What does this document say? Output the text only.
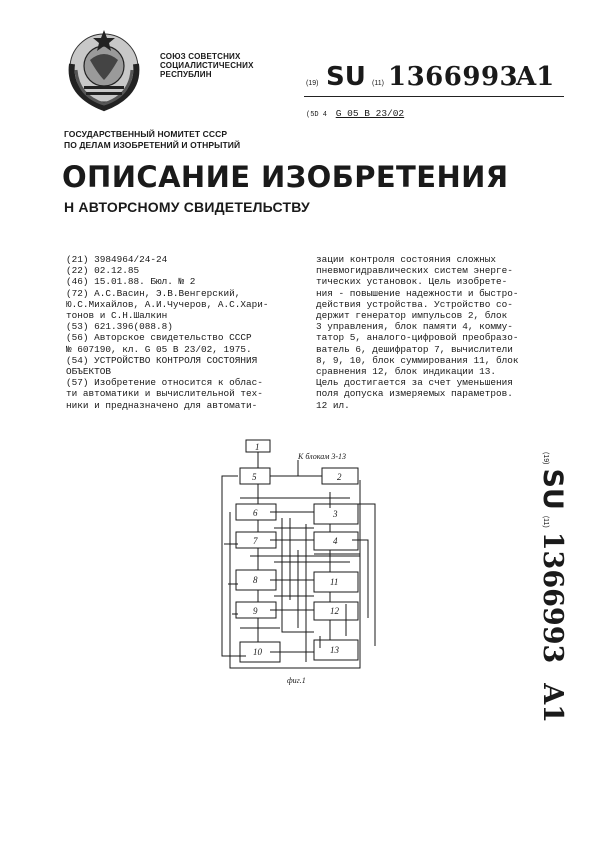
СОЮЗ СОВЕТСНИХ
СОЦИАЛИСТИЧЕСНИХ
РЕСПУБЛИН
(19) SU (11) 1366993
A1
(5D 4 G 05 B 23/02
ГОСУДАРСТВЕННЫЙ НОМИТЕТ СССР
ПО ДЕЛАМ ИЗОБРЕТЕНИЙ И ОТНРЫТИЙ
ОПИСАНИЕ ИЗОБРЕТЕНИЯ
Н АВТОРСНОМУ СВИДЕТЕЛЬСТВУ
(21) 3984964/24-24
(22) 02.12.85
(46) 15.01.88. Бюл. № 2
(72) А.С.Васин, Э.В.Венгерский,
Ю.С.Михайлов, А.И.Чучеров, А.С.Хари-
тонов и С.Н.Шалкин
(53) 621.396(088.8)
(56) Авторское свидетельство СССР
№ 607190, кл. G 05 B 23/02, 1975.
(54) УСТРОЙСТВО КОНТРОЛЯ СОСТОЯНИЯ
ОБЪЕКТОВ
(57) Изобретение относится к облас-
ти автоматики и вычислительной тех-
ники и предназначено для автомати-
зации контроля состояния сложных
пневмогидравлических систем энерге-
тических установок. Цель изобрете-
ния - повышение надежности и быстро-
действия устройства. Устройство со-
держит генератор импульсов 2, блок
3 управления, блок памяти 4, комму-
татор 5, аналого-цифровой преобразо-
ватель 6, дешифратор 7, вычислители
8, 9, 10, блок суммирования 11, блок
сравнения 12, блок индикации 13.
Цель достигается за счет уменьшения
поля допуска измеряемых параметров.
12 ил.
(19)SU(11)1366993A1
К блокам 3-13
1
5	2
6	3
7	4
8	11
9	12
10	13
фиг.1
